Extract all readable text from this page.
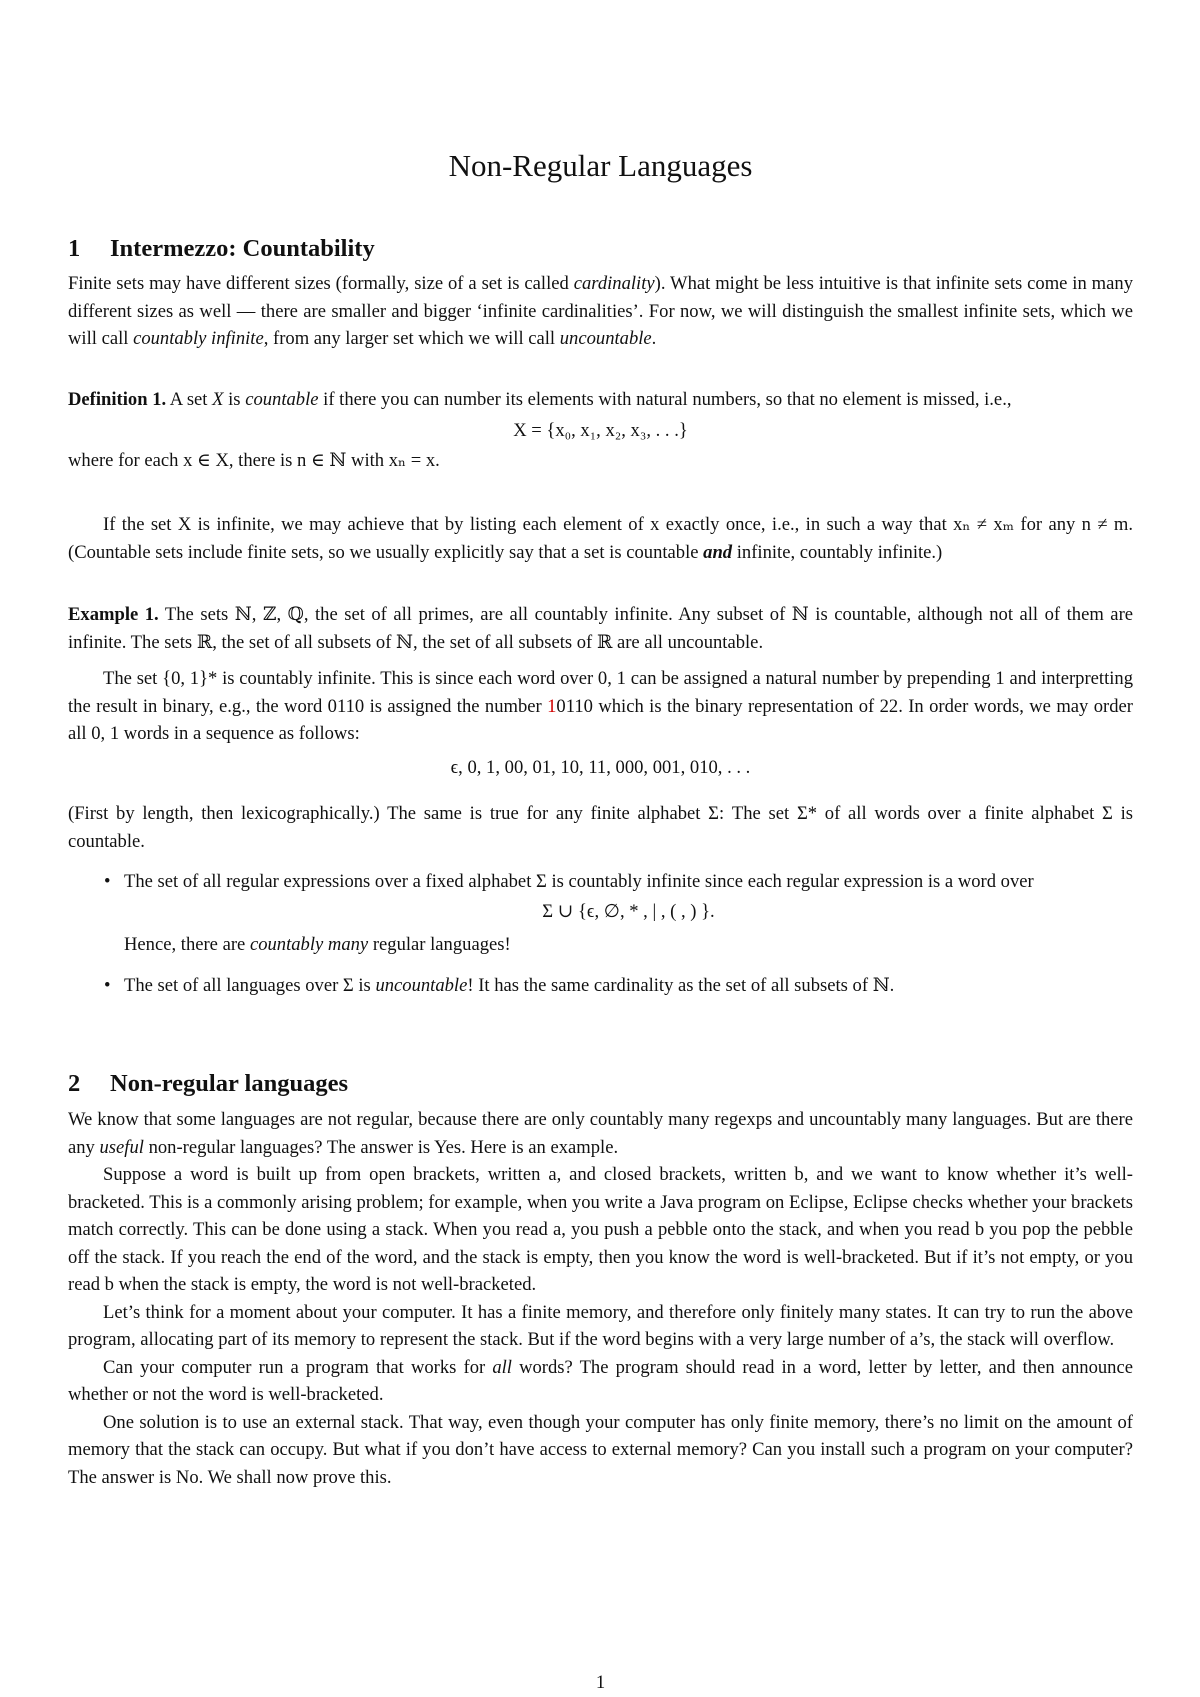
Non-Regular Languages
1 Intermezzo: Countability

Finite sets may have different sizes (formally, size of a set is called cardinality). What might be less intuitive is that infinite sets come in many different sizes as well — there are smaller and bigger ‘infinite cardinalities’. For now, we will distinguish the smallest infinite sets, which we will call countably infinite, from any larger set which we will call uncountable.

Definition 1. A set X is countable if there you can number its elements with natural numbers, so that no element is missed, i.e.,

X = {x₀, x₁, x₂, x₃, . . .}

where for each x ∈ X, there is n ∈ ℕ with xₙ = x.

If the set X is infinite, we may achieve that by listing each element of x exactly once, i.e., in such a way that xₙ ≠ xₘ for any n ≠ m. (Countable sets include finite sets, so we usually explicitly say that a set is countable and infinite, countably infinite.)

Example 1. The sets ℕ, ℤ, ℚ, the set of all primes, are all countably infinite. Any subset of ℕ is countable, although not all of them are infinite. The sets ℝ, the set of all subsets of ℕ, the set of all subsets of ℝ are all uncountable.

The set {0, 1}* is countably infinite. This is since each word over 0, 1 can be assigned a natural number by prepending 1 and interpretting the result in binary, e.g., the word 0110 is assigned the number 10110 which is the binary representation of 22. In order words, we may order all 0, 1 words in a sequence as follows:

ϵ, 0, 1, 00, 01, 10, 11, 000, 001, 010, . . .

(First by length, then lexicographically.) The same is true for any finite alphabet Σ: The set Σ* of all words over a finite alphabet Σ is countable.

• The set of all regular expressions over a fixed alphabet Σ is countably infinite since each regular expression is a word over

Σ ∪ {ϵ, ∅, * , | , ( , ) }.

Hence, there are countably many regular languages!

• The set of all languages over Σ is uncountable! It has the same cardinality as the set of all subsets of ℕ.

2 Non-regular languages

We know that some languages are not regular, because there are only countably many regexps and uncountably many languages. But are there any useful non-regular languages? The answer is Yes. Here is an example.

Suppose a word is built up from open brackets, written a, and closed brackets, written b, and we want to know whether it’s well-bracketed. This is a commonly arising problem; for example, when you write a Java program on Eclipse, Eclipse checks whether your brackets match correctly. This can be done using a stack. When you read a, you push a pebble onto the stack, and when you read b you pop the pebble off the stack. If you reach the end of the word, and the stack is empty, then you know the word is well-bracketed. But if it’s not empty, or you read b when the stack is empty, the word is not well-bracketed.

Let’s think for a moment about your computer. It has a finite memory, and therefore only finitely many states. It can try to run the above program, allocating part of its memory to represent the stack. But if the word begins with a very large number of a’s, the stack will overflow.

Can your computer run a program that works for all words? The program should read in a word, letter by letter, and then announce whether or not the word is well-bracketed.

One solution is to use an external stack. That way, even though your computer has only finite memory, there’s no limit on the amount of memory that the stack can occupy. But what if you don’t have access to external memory? Can you install such a program on your computer? The answer is No. We shall now prove this.

1
